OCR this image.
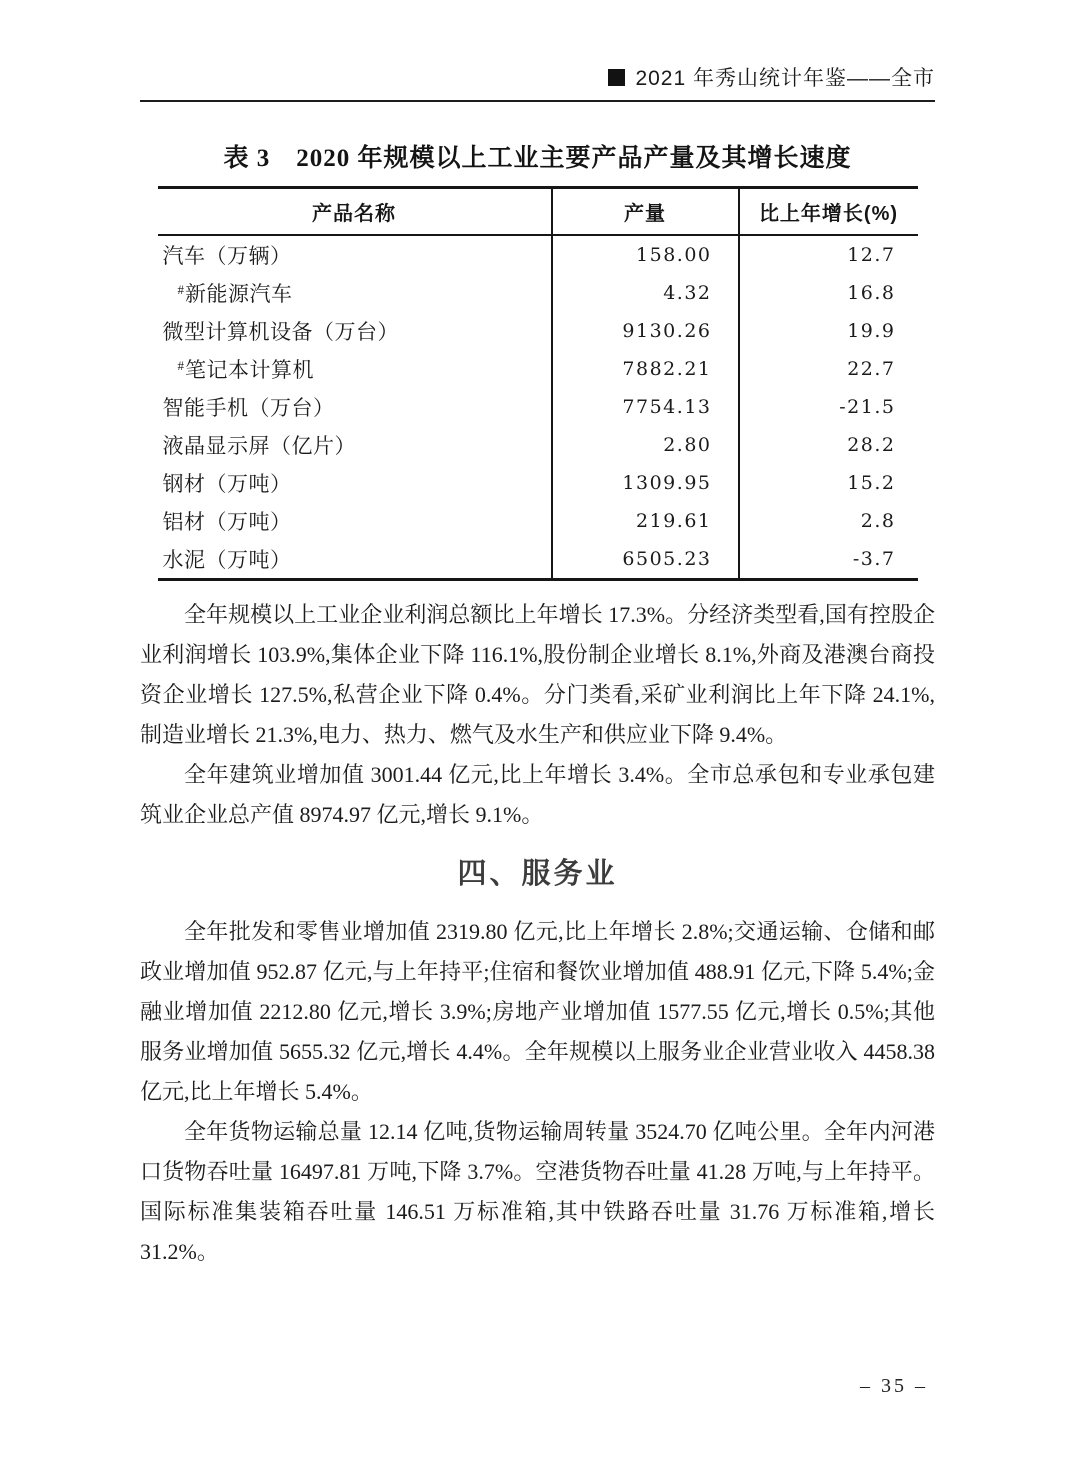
2021 年秀山统计年鉴——全市
表 3　2020 年规模以上工业主要产品产量及其增长速度
产品名称	产量	比上年增长(%)
汽车（万辆）	158.00	12.7
#新能源汽车	4.32	16.8
微型计算机设备（万台）	9130.26	19.9
#笔记本计算机	7882.21	22.7
智能手机（万台）	7754.13	-21.5
液晶显示屏（亿片）	2.80	28.2
钢材（万吨）	1309.95	15.2
铝材（万吨）	219.61	2.8
水泥（万吨）	6505.23	-3.7

全年规模以上工业企业利润总额比上年增长 17.3%。分经济类型看,国有控股企业利润增长 103.9%,集体企业下降 116.1%,股份制企业增长 8.1%,外商及港澳台商投资企业增长 127.5%,私营企业下降 0.4%。分门类看,采矿业利润比上年下降 24.1%,制造业增长 21.3%,电力、热力、燃气及水生产和供应业下降 9.4%。

全年建筑业增加值 3001.44 亿元,比上年增长 3.4%。全市总承包和专业承包建筑业企业总产值 8974.97 亿元,增长 9.1%。

四、服务业

全年批发和零售业增加值 2319.80 亿元,比上年增长 2.8%;交通运输、仓储和邮政业增加值 952.87 亿元,与上年持平;住宿和餐饮业增加值 488.91 亿元,下降 5.4%;金融业增加值 2212.80 亿元,增长 3.9%;房地产业增加值 1577.55 亿元,增长 0.5%;其他服务业增加值 5655.32 亿元,增长 4.4%。全年规模以上服务业企业营业收入 4458.38 亿元,比上年增长 5.4%。

全年货物运输总量 12.14 亿吨,货物运输周转量 3524.70 亿吨公里。全年内河港口货物吞吐量 16497.81 万吨,下降 3.7%。空港货物吞吐量 41.28 万吨,与上年持平。国际标准集装箱吞吐量 146.51 万标准箱,其中铁路吞吐量 31.76 万标准箱,增长 31.2%。

– 35 –
